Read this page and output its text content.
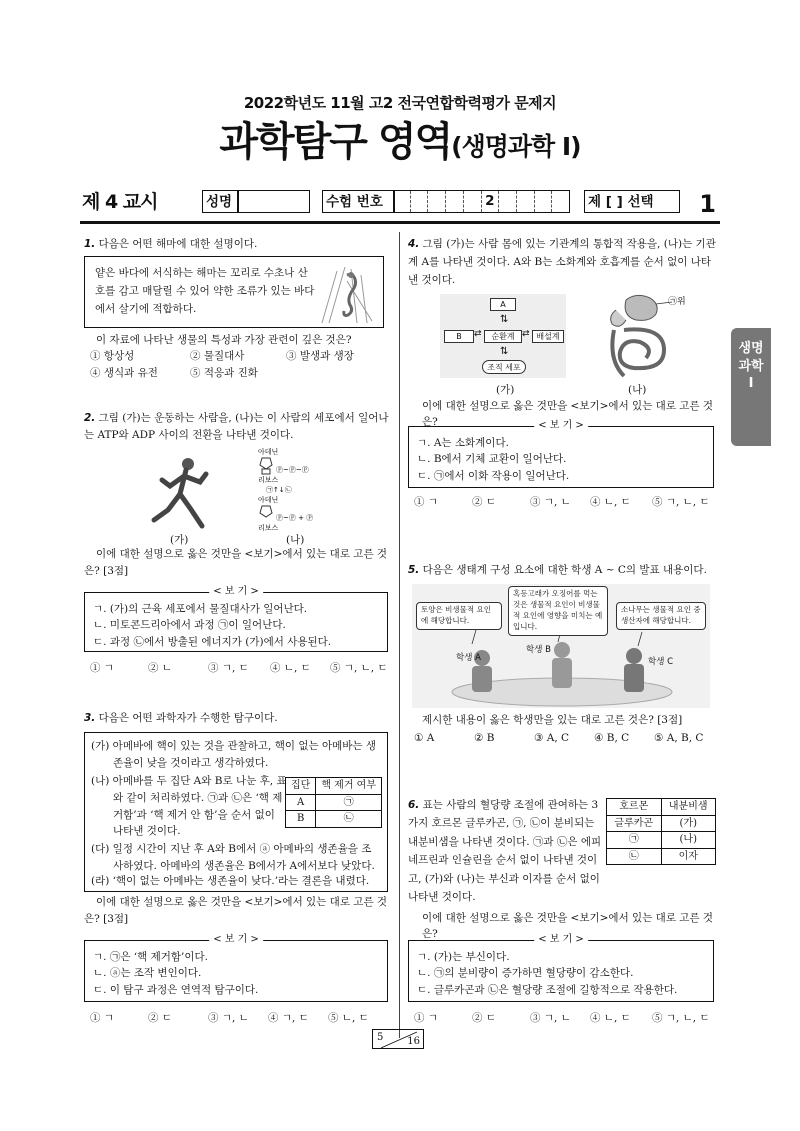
2022학년도 11월 고2 전국연합학력평가 문제지
과학탐구 영역(생명과학 Ⅰ)
제 4 교시	성명	수험 번호	2	제 [ ] 선택 1
생명
과학
Ⅰ
1. 다음은 어떤 해마에 대한 설명이다.
얕은 바다에 서식하는 해마는 꼬리로 수초나 산호를 감고 매달릴 수 있어 약한 조류가 있는 바다에서 살기에 적합하다.
이 자료에 나타난 생물의 특성과 가장 관련이 깊은 것은?
① 항상성	② 물질대사	③ 발생과 생장
④ 생식과 유전	⑤ 적응과 진화
2. 그림 (가)는 운동하는 사람을, (나)는 이 사람의 세포에서 일어나는 ATP와 ADP 사이의 전환을 나타낸 것이다.
아데닌
리보스
Ⓟ~Ⓟ~Ⓟ
㉠↑↓㉡
아데닌
리보스
Ⓟ~Ⓟ + Ⓟ
(가)	(나)
이에 대한 설명으로 옳은 것만을 <보기>에서 있는 대로 고른 것은? [3점]
< 보 기 >
ㄱ. (가)의 근육 세포에서 물질대사가 일어난다.
ㄴ. 미토콘드리아에서 과정 ㉠이 일어난다.
ㄷ. 과정 ㉡에서 방출된 에너지가 (가)에서 사용된다.
① ㄱ	② ㄴ	③ ㄱ, ㄷ ④ ㄴ, ㄷ ⑤ ㄱ, ㄴ, ㄷ
3. 다음은 어떤 과학자가 수행한 탐구이다.
(가) 아메바에 핵이 있는 것을 관찰하고, 핵이 없는 아메바는 생존율이 낮을 것이라고 생각하였다.
(나) 아메바를 두 집단 A와 B로 나눈 후, 표와 같이 처리하였다. ㉠과 ㉡은 ‘핵 제거함’과 ‘핵 제거 안 함’을 순서 없이 나타낸 것이다.
집단	핵 제거 여부
A	㉠
B	㉡
(다) 일정 시간이 지난 후 A와 B에서 ⓐ 아메바의 생존율을 조사하였다. 아메바의 생존율은 B에서가 A에서보다 낮았다.
(라) ‘핵이 없는 아메바는 생존율이 낮다.’라는 결론을 내렸다.
이에 대한 설명으로 옳은 것만을 <보기>에서 있는 대로 고른 것은? [3점]
< 보 기 >
ㄱ. ㉠은 ‘핵 제거함’이다.
ㄴ. ⓐ는 조작 변인이다.
ㄷ. 이 탐구 과정은 연역적 탐구이다.
① ㄱ	② ㄷ	③ ㄱ, ㄴ ④ ㄱ, ㄷ ⑤ ㄴ, ㄷ
4. 그림 (가)는 사람 몸에 있는 기관계의 통합적 작용을, (나)는 기관계 A를 나타낸 것이다. A와 B는 소화계와 호흡계를 순서 없이 나타낸 것이다.
A
B	순환계	배설계
조직 세포
⇅
⇄	⇄
⇅
㉠위
(가)	(나)
이에 대한 설명으로 옳은 것만을 <보기>에서 있는 대로 고른 것은?	< 보 기 >
ㄱ. A는 소화계이다.
ㄴ. B에서 기체 교환이 일어난다.
ㄷ. ㉠에서 이화 작용이 일어난다.
① ㄱ	② ㄷ	③ ㄱ, ㄴ ④ ㄴ, ㄷ ⑤ ㄱ, ㄴ, ㄷ
5. 다음은 생태계 구성 요소에 대한 학생 A ~ C의 발표 내용이다.
토양은 비생물적 요인에 해당합니다.
혹등고래가 오징어를 먹는 것은 생물적 요인이 비생물적 요인에 영향을 미치는 예입니다.
소나무는 생물적 요인 중 생산자에 해당합니다.
학생 A
학생 B
학생 C
제시한 내용이 옳은 학생만을 있는 대로 고른 것은? [3점]
① A	② B	③ A, C ④ B, C ⑤ A, B, C
6. 표는 사람의 혈당량 조절에 관여하는 3가지 호르몬 글루카곤, ㉠, ㉡이 분비되는 내분비샘을 나타낸 것이다. ㉠과 ㉡은 에피네프린과 인슐린을 순서 없이 나타낸 것이고, (가)와 (나)는 부신과 이자를 순서 없이 나타낸 것이다.
호르몬	내분비샘
글루카곤	(가)
㉠	(나)
㉡	이자
이에 대한 설명으로 옳은 것만을 <보기>에서 있는 대로 고른 것은?	< 보 기 >
ㄱ. (가)는 부신이다.
ㄴ. ㉠의 분비량이 증가하면 혈당량이 감소한다.
ㄷ. 글루카곤과 ㉡은 혈당량 조절에 길항적으로 작용한다.
① ㄱ	② ㄷ	③ ㄱ, ㄴ ④ ㄴ, ㄷ ⑤ ㄱ, ㄴ, ㄷ
5 16
